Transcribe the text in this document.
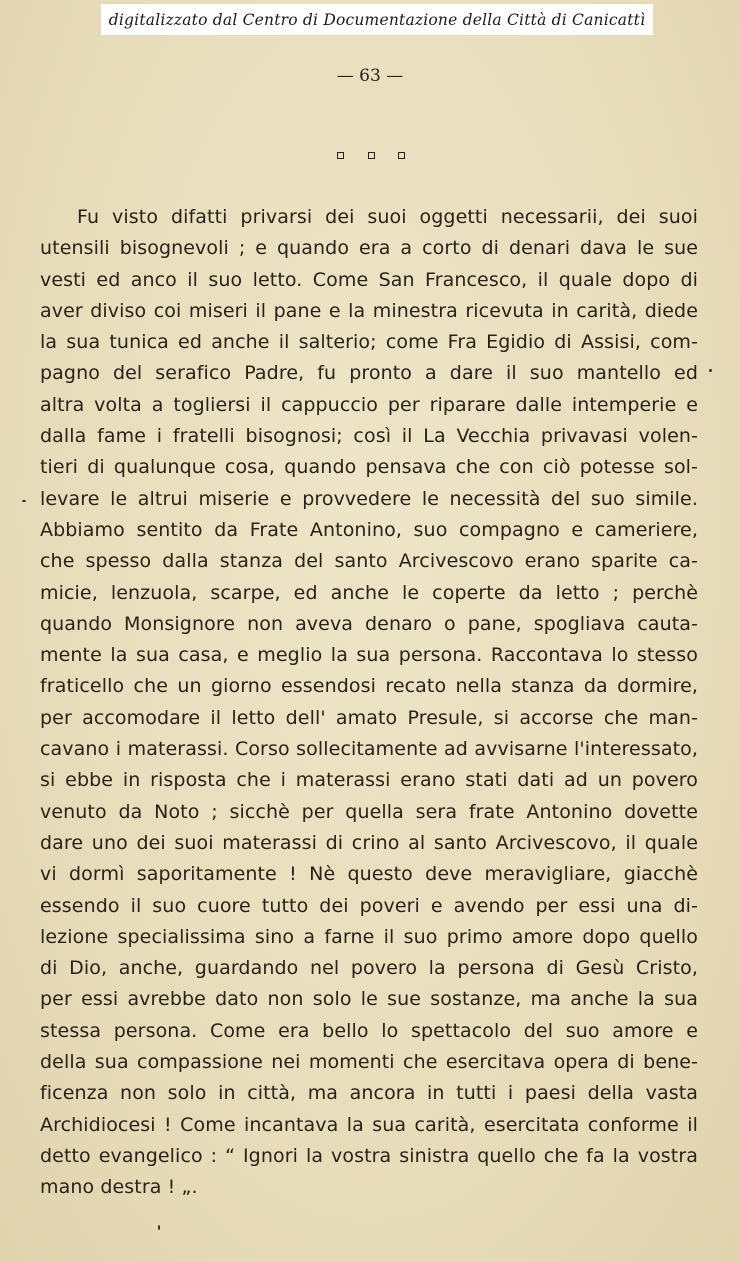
digitalizzato dal Centro di Documentazione della Città di Canicattì
— 63 —
Fu visto difatti privarsi dei suoi oggetti necessarii, dei suoi
utensili bisognevoli ; e quando era a corto di denari dava le sue
vesti ed anco il suo letto. Come San Francesco, il quale dopo di
aver diviso coi miseri il pane e la minestra ricevuta in carità, diede
la sua tunica ed anche il salterio; come Fra Egidio di Assisi, com-
pagno del serafico Padre, fu pronto a dare il suo mantello ed
altra volta a togliersi il cappuccio per riparare dalle intemperie e
dalla fame i fratelli bisognosi; così il La Vecchia privavasi volen-
tieri di qualunque cosa, quando pensava che con ciò potesse sol-
levare le altrui miserie e provvedere le necessità del suo simile.
Abbiamo sentito da Frate Antonino, suo compagno e cameriere,
che spesso dalla stanza del santo Arcivescovo erano sparite ca-
micie, lenzuola, scarpe, ed anche le coperte da letto ; perchè
quando Monsignore non aveva denaro o pane, spogliava cauta-
mente la sua casa, e meglio la sua persona. Raccontava lo stesso
fraticello che un giorno essendosi recato nella stanza da dormire,
per accomodare il letto dell' amato Presule, si accorse che man-
cavano i materassi. Corso sollecitamente ad avvisarne l'interessato,
si ebbe in risposta che i materassi erano stati dati ad un povero
venuto da Noto ; sicchè per quella sera frate Antonino dovette
dare uno dei suoi materassi di crino al santo Arcivescovo, il quale
vi dormì saporitamente ! Nè questo deve meravigliare, giacchè
essendo il suo cuore tutto dei poveri e avendo per essi una di-
lezione specialissima sino a farne il suo primo amore dopo quello
di Dio, anche, guardando nel povero la persona di Gesù Cristo,
per essi avrebbe dato non solo le sue sostanze, ma anche la sua
stessa persona. Come era bello lo spettacolo del suo amore e
della sua compassione nei momenti che esercitava opera di bene-
ficenza non solo in città, ma ancora in tutti i paesi della vasta
Archidiocesi ! Come incantava la sua carità, esercitata conforme il
detto evangelico : “ Ignori la vostra sinistra quello che fa la vostra
mano destra ! „.
